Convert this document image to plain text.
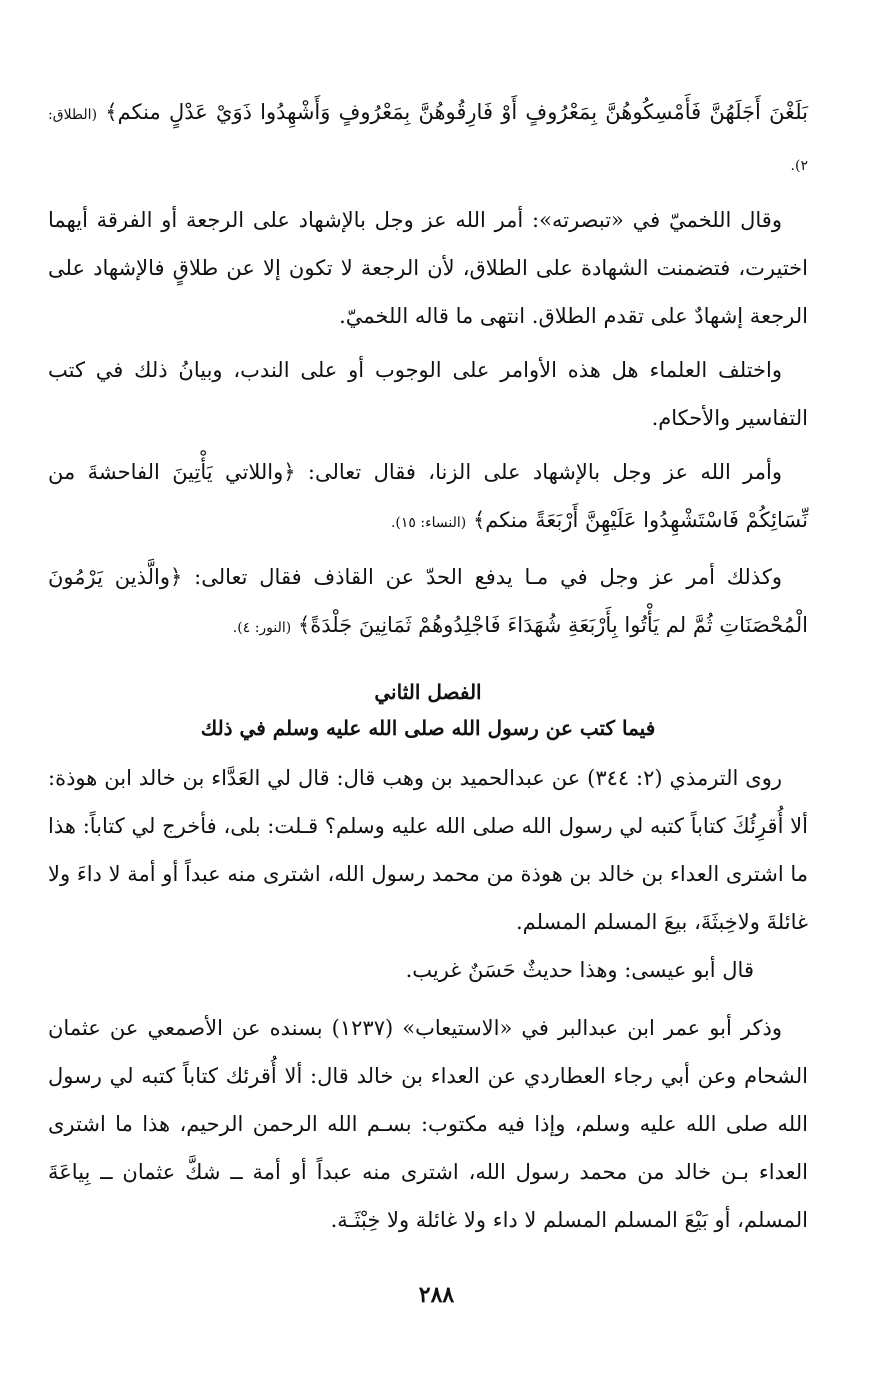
بَلَغْنَ أَجَلَهُنَّ فَأَمْسِكُوهُنَّ بِمَعْرُوفٍ أَوْ فَارِقُوهُنَّ بِمَعْرُوفٍ وَأَشْهِدُوا ذَوَيْ عَدْلٍ منكم﴾ (الطلاق: ٢).

وقال اللخميّ في «تبصرته»: أمر الله عز وجل بالإشهاد على الرجعة أو الفرقة أيهما اختيرت، فتضمنت الشهادة على الطلاق، لأن الرجعة لا تكون إلا عن طلاقٍ فالإشهاد على الرجعة إشهادٌ على تقدم الطلاق. انتهى ما قاله اللخميّ.

واختلف العلماء هل هذه الأوامر على الوجوب أو على الندب، وبيانُ ذلك في كتب التفاسير والأحكام.

وأمر الله عز وجل بالإشهاد على الزنا، فقال تعالى: ﴿واللاتي يَأْتِينَ الفاحشةَ من نِّسَائِكُمْ فَاسْتَشْهِدُوا عَلَيْهِنَّ أَرْبَعَةً منكم﴾ (النساء: ١٥).

وكذلك أمر عز وجل في مـا يدفع الحدّ عن القاذف فقال تعالى: ﴿والَّذين يَرْمُونَ الْمُحْصَنَاتِ ثُمَّ لم يَأْتُوا بِأَرْبَعَةِ شُهَدَاءَ فَاجْلِدُوهُمْ ثَمَانِينَ جَلْدَةً﴾ (النور: ٤).

الفصل الثاني
فيما كتب عن رسول الله صلى الله عليه وسلم في ذلك

روى الترمذي (٢: ٣٤٤) عن عبدالحميد بن وهب قال: قال لي العَدَّاء بن خالد ابن هوذة: ألا أُقرِئُكَ كتاباً كتبه لي رسول الله صلى الله عليه وسلم؟ قـلت: بلى، فأخرج لي كتاباً: هذا ما اشترى العداء بن خالد بن هوذة من محمد رسول الله، اشترى منه عبداً أو أمة لا داءَ ولا غائلةَ ولاخِبثَةَ، بيعَ المسلم المسلم.

قال أبو عيسى: وهذا حديثٌ حَسَنٌ غريب.

وذكر أبو عمر ابن عبدالبر في «الاستيعاب» (١٢٣٧) بسنده عن الأصمعي عن عثمان الشحام وعن أبي رجاء العطاردي عن العداء بن خالد قال: ألا أُقرئك كتاباً كتبه لي رسول الله صلى الله عليه وسلم، وإذا فيه مكتوب: بسـم الله الرحمن الرحيم، هذا ما اشترى العداء بـن خالد من محمد رسول الله، اشترى منه عبداً أو أمة ــ شكَّ عثمان ــ بِياعَةَ المسلم، أو بَيْعَ المسلم المسلم لا داء ولا غائلة ولا خِبْثَـة.

٢٨٨
